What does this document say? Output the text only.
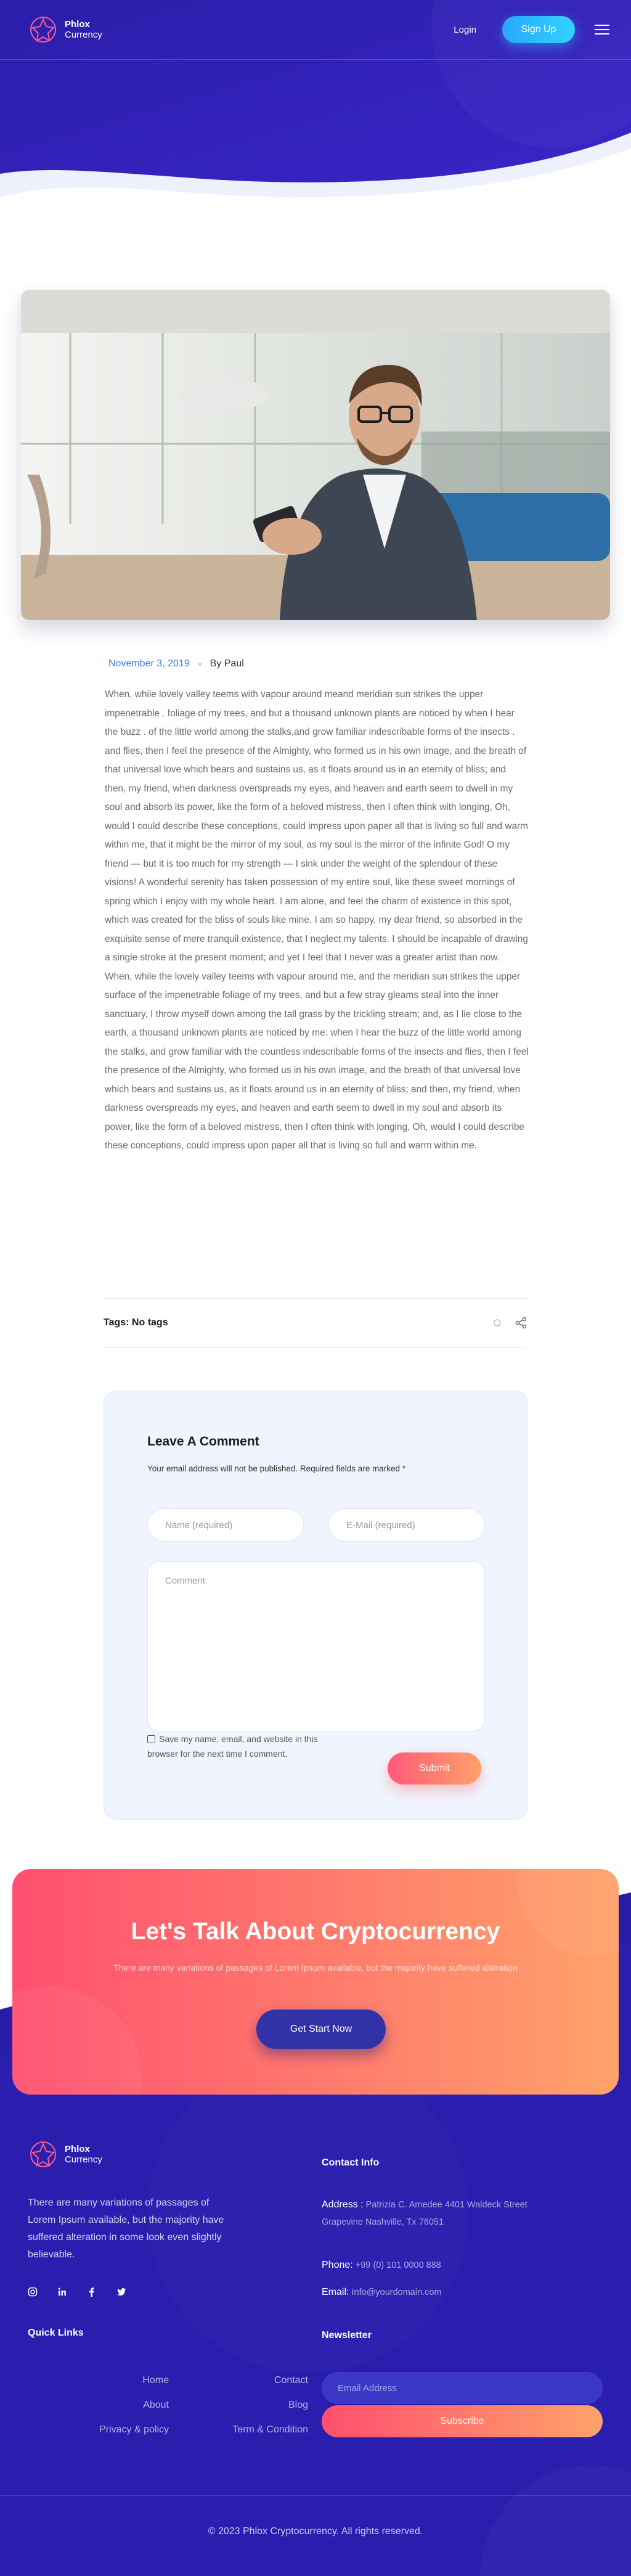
Phlox
Currency	Login	Sign Up
November 3, 2019 By Paul
When, while lovely valley teems with vapour around meand meridian sun strikes the upper impenetrable . foliage of my trees, and but a thousand unknown plants are noticed by when I hear the buzz . of the little world among the stalks,and grow familiar indescribable forms of the insects . and flies, then I feel the presence of the Almighty, who formed us in his own image, and the breath of that universal love which bears and sustains us, as it floats around us in an eternity of bliss; and then, my friend, when darkness overspreads my eyes, and heaven and earth seem to dwell in my soul and absorb its power, like the form of a beloved mistress, then I often think with longing, Oh, would I could describe these conceptions, could impress upon paper all that is living so full and warm within me, that it might be the mirror of my soul, as my soul is the mirror of the infinite God! O my friend — but it is too much for my strength — I sink under the weight of the splendour of these visions! A wonderful serenity has taken possession of my entire soul, like these sweet mornings of spring which I enjoy with my whole heart. I am alone, and feel the charm of existence in this spot, which was created for the bliss of souls like mine. I am so happy, my dear friend, so absorbed in the exquisite sense of mere tranquil existence, that I neglect my talents. I should be incapable of drawing a single stroke at the present moment; and yet I feel that I never was a greater artist than now. When, while the lovely valley teems with vapour around me, and the meridian sun strikes the upper surface of the impenetrable foliage of my trees, and but a few stray gleams steal into the inner sanctuary, I throw myself down among the tall grass by the trickling stream; and, as I lie close to the earth, a thousand unknown plants are noticed by me: when I hear the buzz of the little world among the stalks, and grow familiar with the countless indescribable forms of the insects and flies, then I feel the presence of the Almighty, who formed us in his own image, and the breath of that universal love which bears and sustains us, as it floats around us in an eternity of bliss; and then, my friend, when darkness overspreads my eyes, and heaven and earth seem to dwell in my soul and absorb its power, like the form of a beloved mistress, then I often think with longing, Oh, would I could describe these conceptions, could impress upon paper all that is living so full and warm within me.
Tags: No tags
Leave A Comment
Your email address will not be published. Required fields are marked *
Name (required)	E-Mail (required)
Comment
Save my name, email, and website in this browser for the next time I comment.
Submit
Let's Talk About Cryptocurrency
There are many variations of passages of Lorem Ipsum available, but the majority have suffered alteration
Get Start Now
Phlox
Currency
There are many variations of passages of Lorem Ipsum available, but the majority have suffered alteration in some look even slightly believable.
Quick Links
Home
About
Privacy & policy
Contact
Blog
Term & Condition
Contact Info
Address : Patrizia C. Amedee 4401 Waldeck Street Grapevine Nashville, Tx 76051
Phone: +99 (0) 101 0000 888
Email: Info@yourdomain.com
Newsletter
Email Address
Subscribe
© 2023 Phlox Cryptocurrency. All rights reserved.
